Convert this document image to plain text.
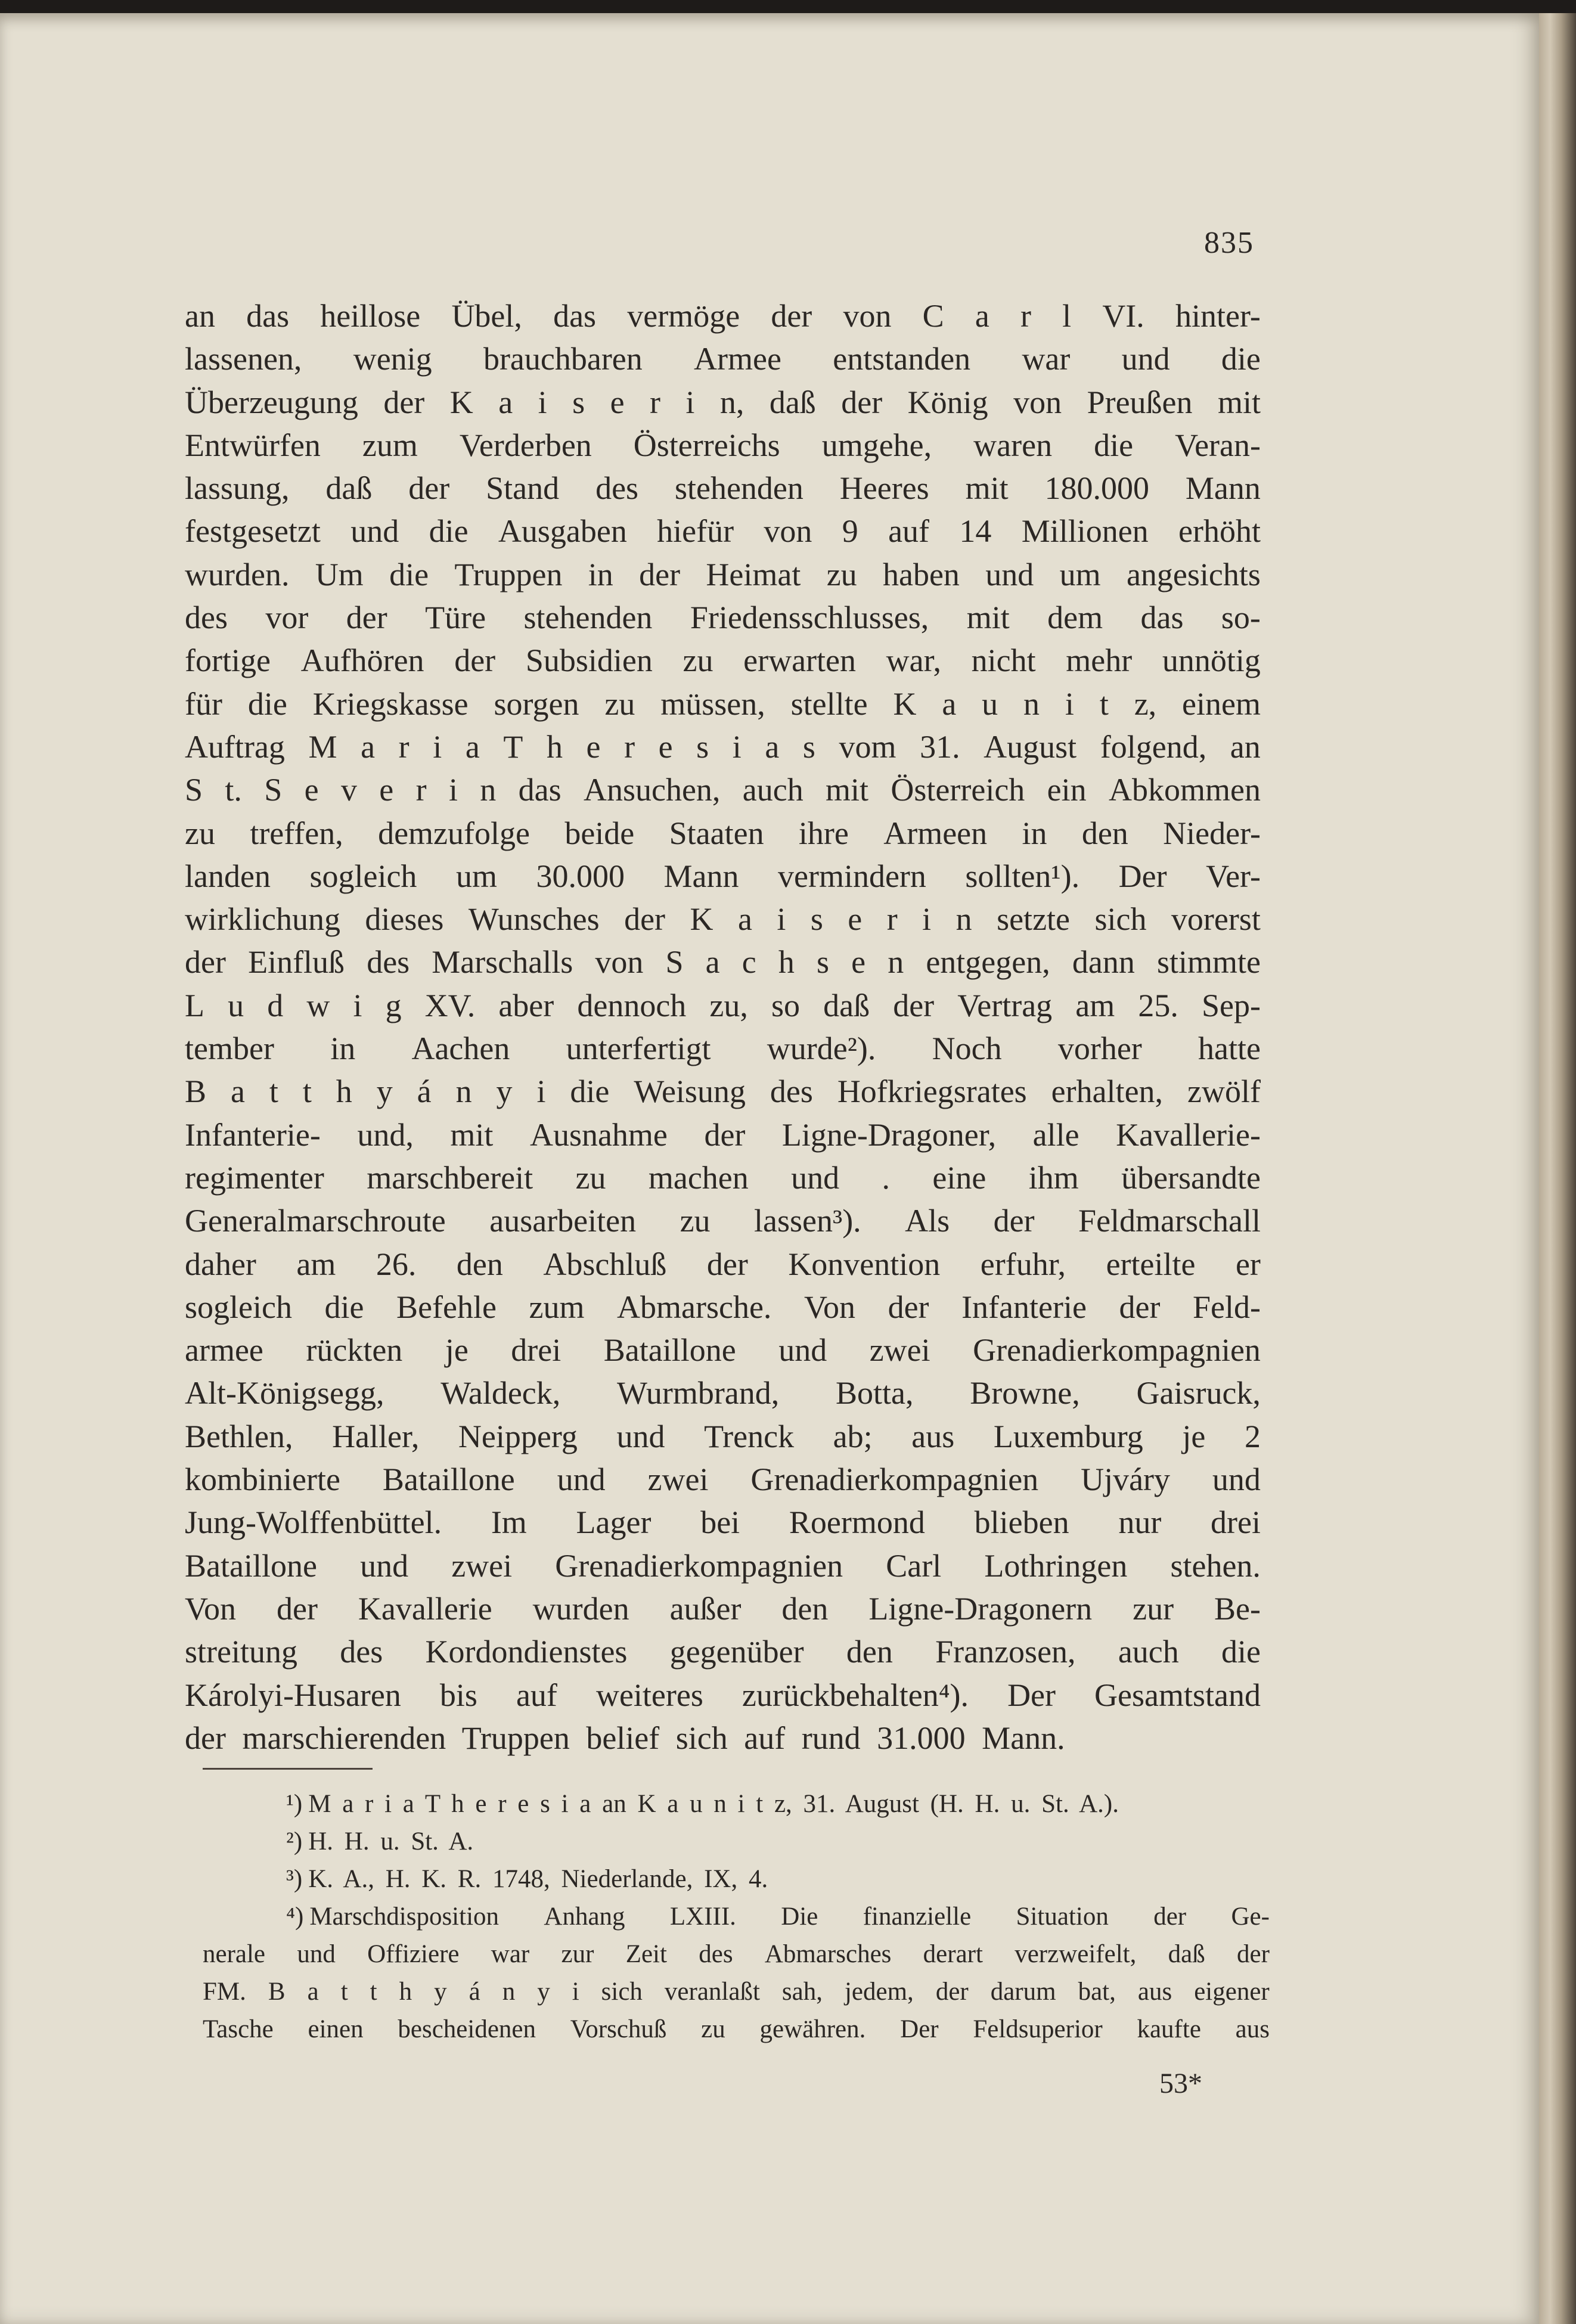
835
an das heillose Übel, das vermöge der von C a r l VI. hinter-
lassenen, wenig brauchbaren Armee entstanden war und die
Überzeugung der K a i s e r i n, daß der König von Preußen mit
Entwürfen zum Verderben Österreichs umgehe, waren die Veran-
lassung, daß der Stand des stehenden Heeres mit 180.000 Mann
festgesetzt und die Ausgaben hiefür von 9 auf 14 Millionen erhöht
wurden. Um die Truppen in der Heimat zu haben und um angesichts
des vor der Türe stehenden Friedensschlusses, mit dem das so-
fortige Aufhören der Subsidien zu erwarten war, nicht mehr unnötig
für die Kriegskasse sorgen zu müssen, stellte K a u n i t z, einem
Auftrag M a r i a T h e r e s i a s vom 31. August folgend, an
S t. S e v e r i n das Ansuchen, auch mit Österreich ein Abkommen
zu treffen, demzufolge beide Staaten ihre Armeen in den Nieder-
landen sogleich um 30.000 Mann vermindern sollten¹). Der Ver-
wirklichung dieses Wunsches der K a i s e r i n setzte sich vorerst
der Einfluß des Marschalls von S a c h s e n entgegen, dann stimmte
L u d w i g XV. aber dennoch zu, so daß der Vertrag am 25. Sep-
tember in Aachen unterfertigt wurde²). Noch vorher hatte
B a t t h y á n y i die Weisung des Hofkriegsrates erhalten, zwölf
Infanterie- und, mit Ausnahme der Ligne-Dragoner, alle Kavallerie-
regimenter marschbereit zu machen und . eine ihm übersandte
Generalmarschroute ausarbeiten zu lassen³). Als der Feldmarschall
daher am 26. den Abschluß der Konvention erfuhr, erteilte er
sogleich die Befehle zum Abmarsche. Von der Infanterie der Feld-
armee rückten je drei Bataillone und zwei Grenadierkompagnien
Alt-Königsegg, Waldeck, Wurmbrand, Botta, Browne, Gaisruck,
Bethlen, Haller, Neipperg und Trenck ab; aus Luxemburg je 2
kombinierte Bataillone und zwei Grenadierkompagnien Ujváry und
Jung-Wolffenbüttel. Im Lager bei Roermond blieben nur drei
Bataillone und zwei Grenadierkompagnien Carl Lothringen stehen.
Von der Kavallerie wurden außer den Ligne-Dragonern zur Be-
streitung des Kordondienstes gegenüber den Franzosen, auch die
Károlyi-Husaren bis auf weiteres zurückbehalten⁴). Der Gesamtstand
der marschierenden Truppen belief sich auf rund 31.000 Mann.
¹) M a r i a T h e r e s i a an K a u n i t z, 31. August (H. H. u. St. A.).
²) H. H. u. St. A.
³) K. A., H. K. R. 1748, Niederlande, IX, 4.
⁴) Marschdisposition Anhang LXIII. Die finanzielle Situation der Ge-
nerale und Offiziere war zur Zeit des Abmarsches derart verzweifelt, daß der
FM. B a t t h y á n y i sich veranlaßt sah, jedem, der darum bat, aus eigener
Tasche einen bescheidenen Vorschuß zu gewähren. Der Feldsuperior kaufte aus
53*
